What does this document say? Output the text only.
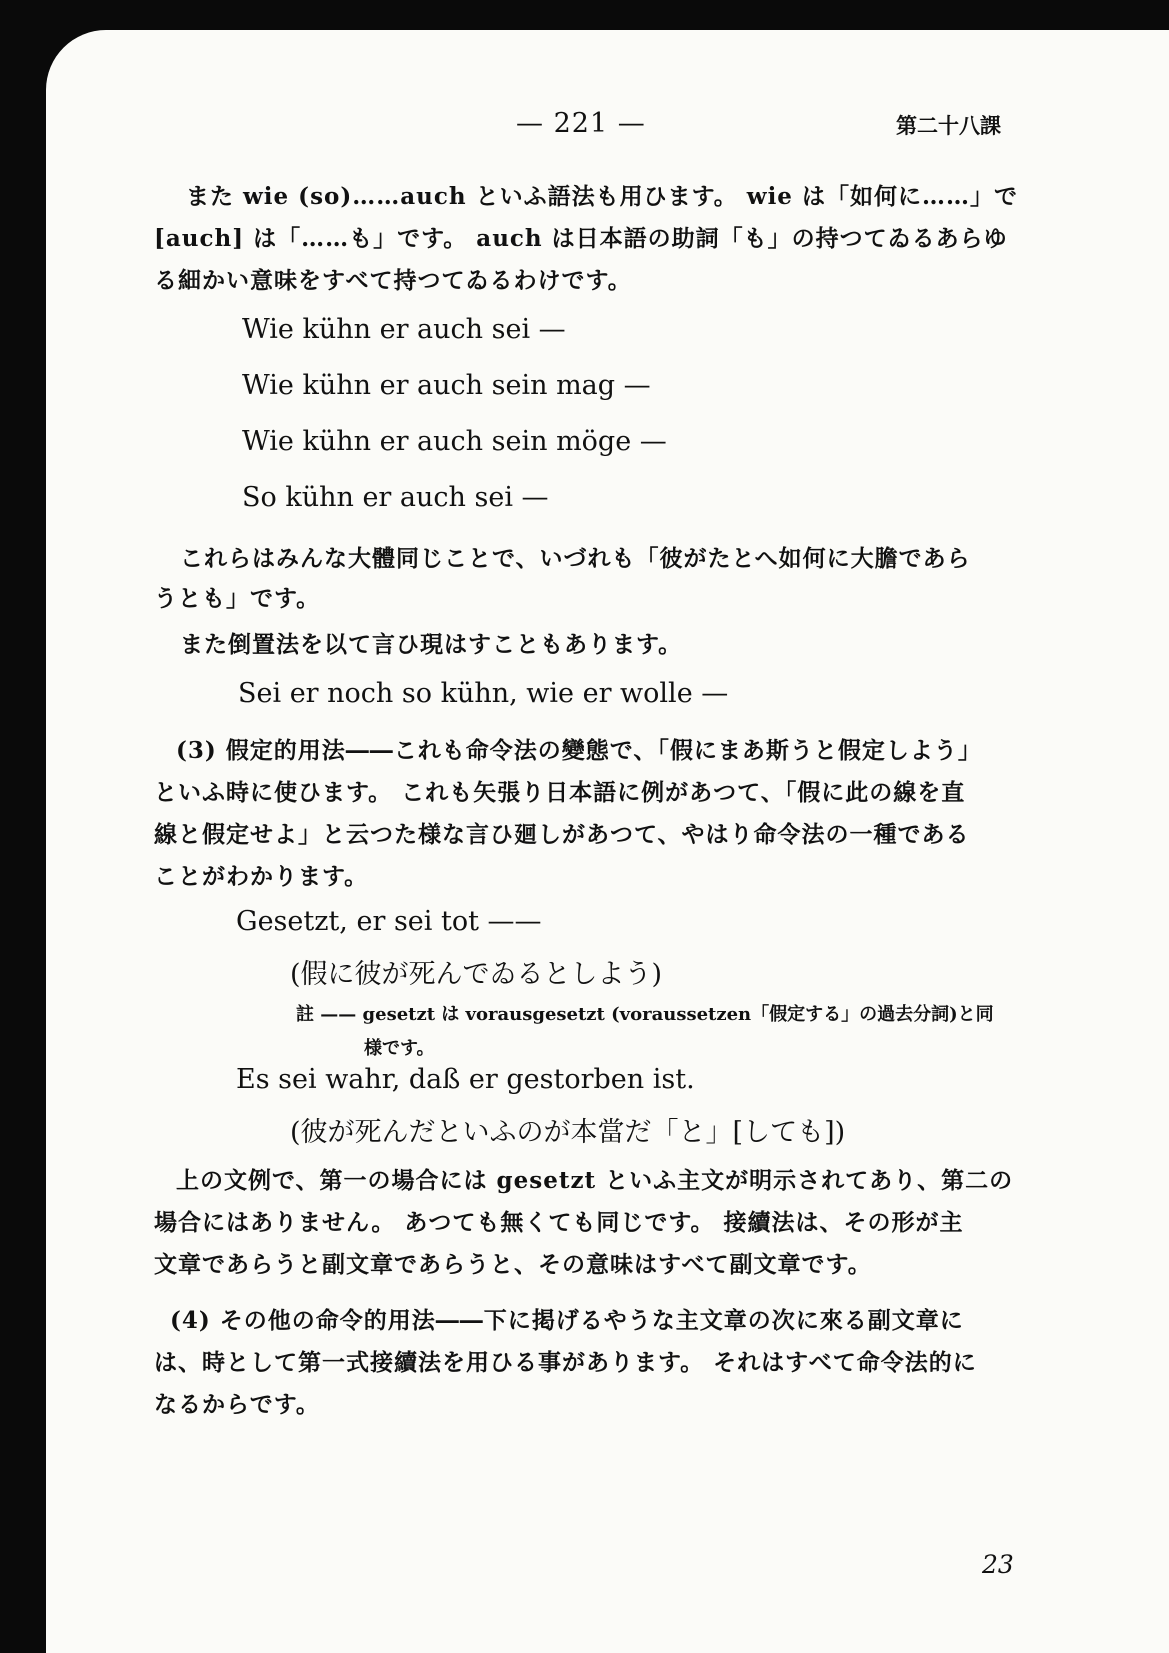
— 221 —	第二十八課
また wie (so)……auch といふ語法も用ひます。 wie は「如何に……」で
[auch] は「……も」です。 auch は日本語の助詞「も」の持つてゐるあらゆ
る細かい意味をすべて持つてゐるわけです。
Wie kühn er auch sei —
Wie kühn er auch sein mag —
Wie kühn er auch sein möge —
So kühn er auch sei —
これらはみんな大體同じことで、いづれも「彼がたとへ如何に大膽であら
うとも」です。
また倒置法を以て言ひ現はすこともあります。
Sei er noch so kühn, wie er wolle —
(3) 假定的用法――これも命令法の變態で、「假にまあ斯うと假定しよう」
といふ時に使ひます。 これも矢張り日本語に例があつて、「假に此の線を直
線と假定せよ」と云つた様な言ひ廻しがあつて、やはり命令法の一種である
ことがわかります。
Gesetzt, er sei tot ——
(假に彼が死んでゐるとしよう)
註 —— gesetzt は vorausgesetzt (voraussetzen「假定する」の過去分詞)と同
様です。
Es sei wahr, daß er gestorben ist.
(彼が死んだといふのが本當だ「と」[しても])
上の文例で、第一の場合には gesetzt といふ主文が明示されてあり、第二の
場合にはありません。 あつても無くても同じです。 接續法は、その形が主
文章であらうと副文章であらうと、その意味はすべて副文章です。
(4) その他の命令的用法――下に掲げるやうな主文章の次に來る副文章に
は、時として第一式接續法を用ひる事があります。 それはすべて命令法的に
なるからです。
23
